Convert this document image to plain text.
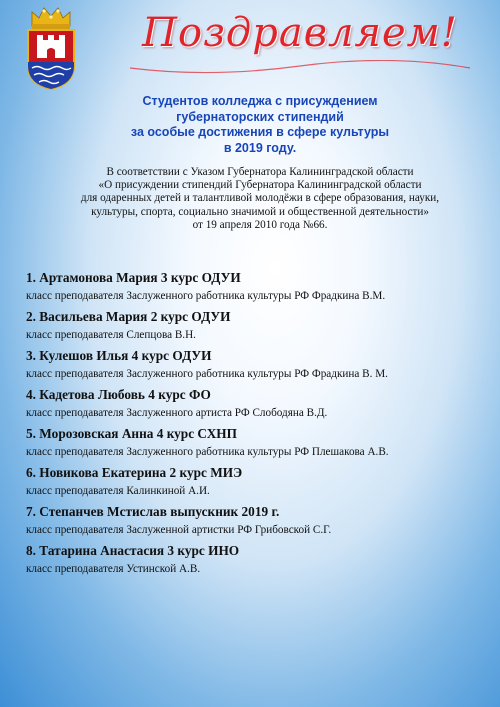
Поздравляем!
Студентов колледжа с присуждением
губернаторских стипендий
за особые достижения в сфере культуры
в 2019 году.
В соответствии с Указом Губернатора Калининградской области
«О присуждении стипендий Губернатора Калининградской области
для одаренных детей и талантливой молодёжи в сфере образования, науки,
культуры, спорта, социально значимой и общественной деятельности»
от 19 апреля 2010 года №66.
1. Артамонова Мария 3 курс ОДУИ
класс преподавателя Заслуженного работника культуры РФ Фрадкина В.М.
2. Васильева Мария 2 курс ОДУИ
класс преподавателя Слепцова В.Н.
3. Кулешов Илья 4 курс ОДУИ
класс преподавателя Заслуженного работника культуры РФ Фрадкина В. М.
4. Кадетова Любовь 4 курс ФО
класс преподавателя Заслуженного артиста РФ Слободяна В.Д.
5. Морозовская Анна 4 курс СХНП
класс преподавателя Заслуженного работника культуры РФ Плешакова А.В.
6. Новикова Екатерина 2 курс МИЭ
класс преподавателя Калинкиной А.И.
7. Степанчев Мстислав выпускник 2019 г.
класс преподавателя Заслуженной артистки РФ Грибовской С.Г.
8. Татарина Анастасия 3 курс ИНО
класс преподавателя Устинской А.В.
